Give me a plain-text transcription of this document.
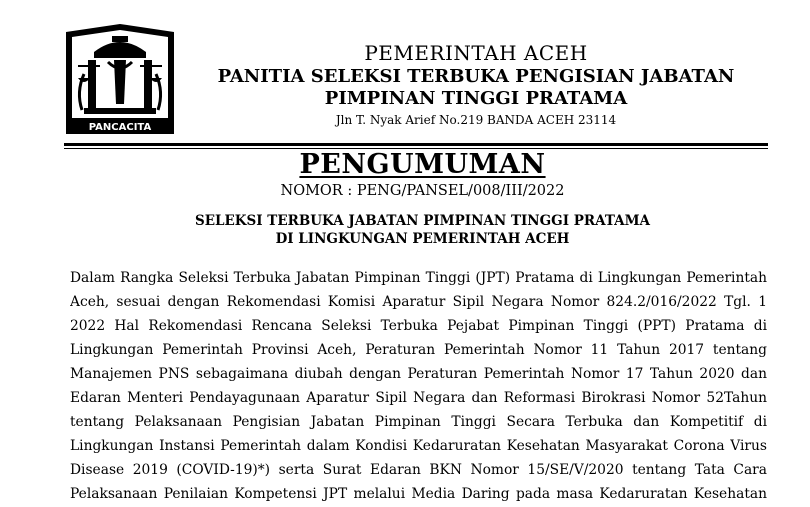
PANCACITA
PEMERINTAH ACEH
PANITIA SELEKSI TERBUKA PENGISIAN JABATAN
PIMPINAN TINGGI PRATAMA
Jln T. Nyak Arief No.219 BANDA ACEH 23114
PENGUMUMAN
NOMOR : PENG/PANSEL/008/III/2022
SELEKSI TERBUKA JABATAN PIMPINAN TINGGI PRATAMA
DI LINGKUNGAN PEMERINTAH ACEH
Dalam Rangka Seleksi Terbuka Jabatan Pimpinan Tinggi (JPT) Pratama di Lingkungan Pemerintah
Aceh, sesuai dengan Rekomendasi Komisi Aparatur Sipil Negara Nomor 824.2/016/2022 Tgl. 1
2022 Hal Rekomendasi Rencana Seleksi Terbuka Pejabat Pimpinan Tinggi (PPT) Pratama di
Lingkungan Pemerintah Provinsi Aceh, Peraturan Pemerintah Nomor 11 Tahun 2017 tentang
Manajemen PNS sebagaimana diubah dengan Peraturan Pemerintah Nomor 17 Tahun 2020 dan
Edaran Menteri Pendayagunaan Aparatur Sipil Negara dan Reformasi Birokrasi Nomor 52Tahun
tentang Pelaksanaan Pengisian Jabatan Pimpinan Tinggi Secara Terbuka dan Kompetitif di
Lingkungan Instansi Pemerintah dalam Kondisi Kedaruratan Kesehatan Masyarakat Corona Virus
Disease 2019 (COVID-19)*) serta Surat Edaran BKN Nomor 15/SE/V/2020 tentang Tata Cara
Pelaksanaan Penilaian Kompetensi JPT melalui Media Daring pada masa Kedaruratan Kesehatan
